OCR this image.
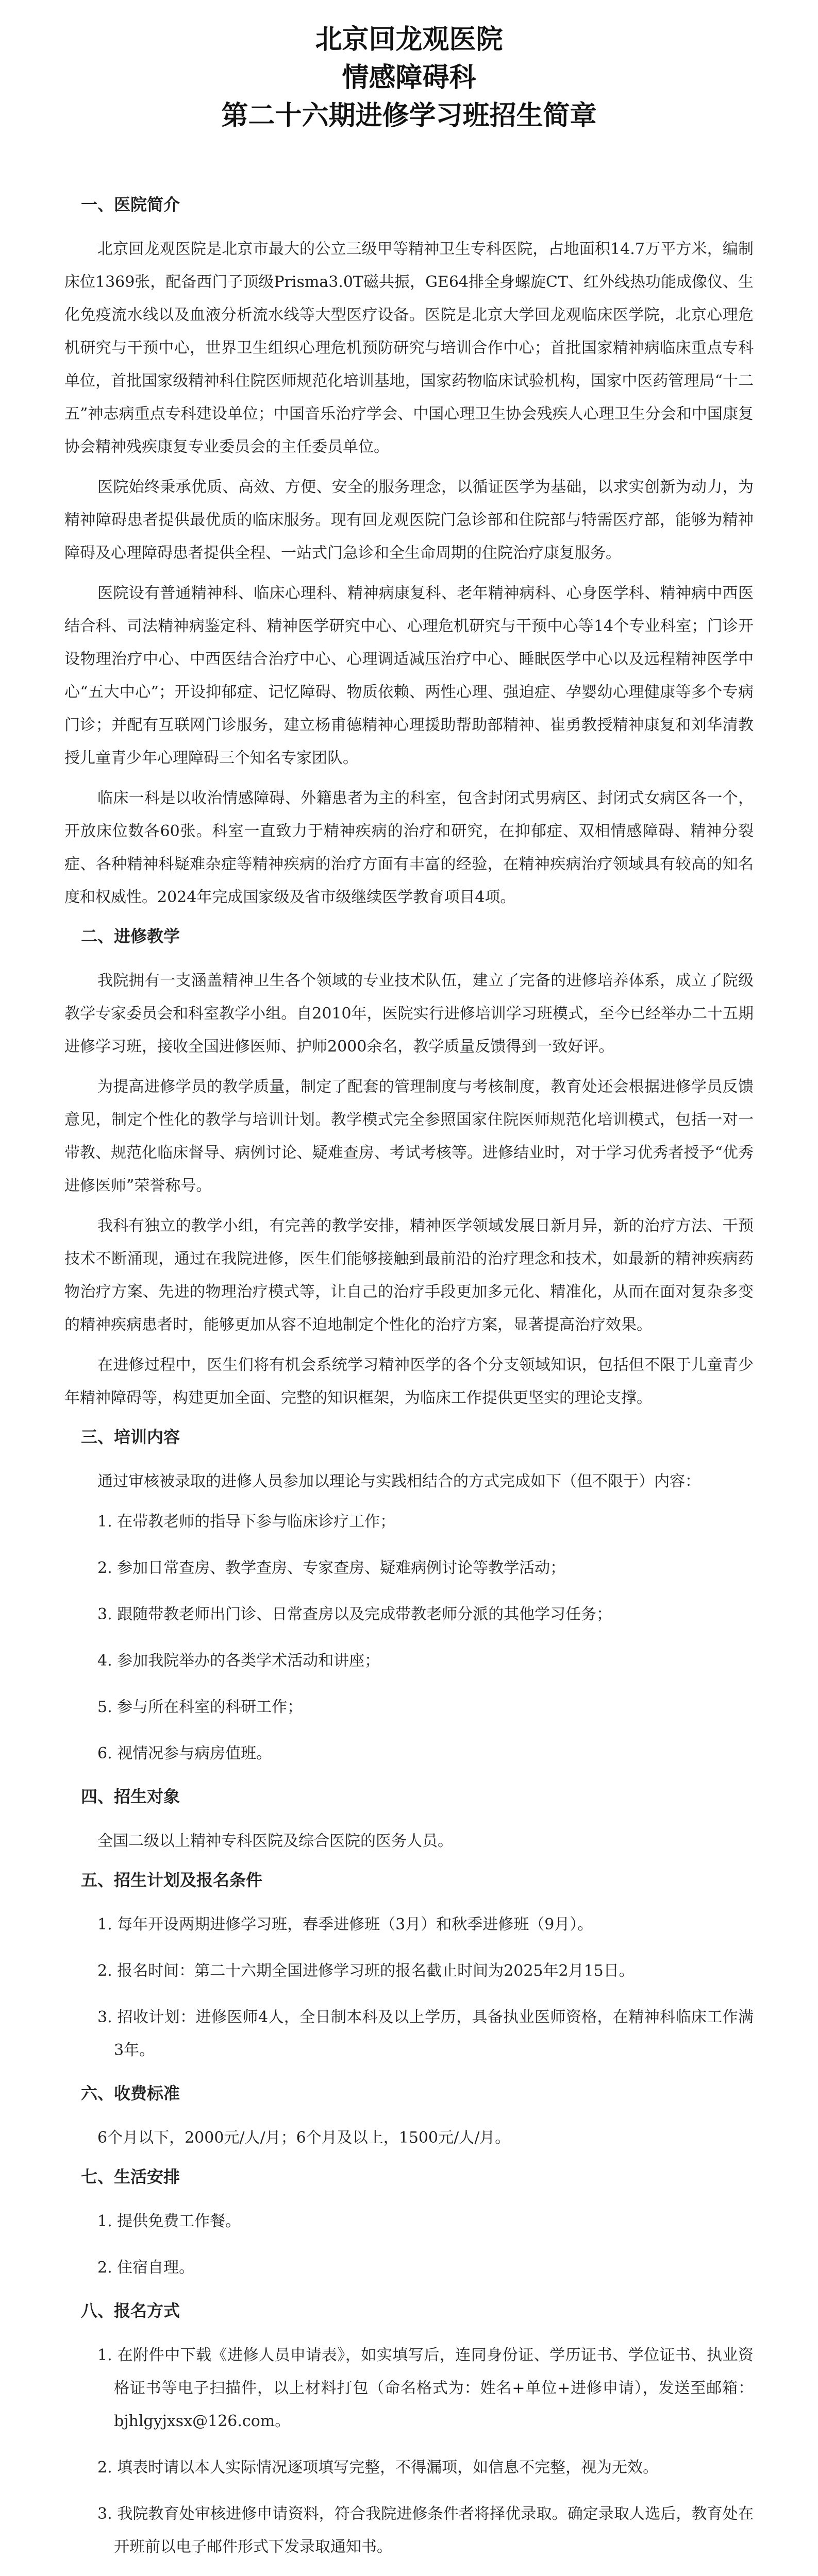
北京回龙观医院
情感障碍科
第二十六期进修学习班招生简章
一、医院简介

北京回龙观医院是北京市最大的公立三级甲等精神卫生专科医院，占地面积14.7万平方米，编制床位1369张，配备西门子顶级Prisma3.0T磁共振，GE64排全身螺旋CT、红外线热功能成像仪、生化免疫流水线以及血液分析流水线等大型医疗设备。医院是北京大学回龙观临床医学院，北京心理危机研究与干预中心，世界卫生组织心理危机预防研究与培训合作中心；首批国家精神病临床重点专科单位，首批国家级精神科住院医师规范化培训基地，国家药物临床试验机构，国家中医药管理局“十二五”神志病重点专科建设单位；中国音乐治疗学会、中国心理卫生协会残疾人心理卫生分会和中国康复协会精神残疾康复专业委员会的主任委员单位。

医院始终秉承优质、高效、方便、安全的服务理念，以循证医学为基础，以求实创新为动力，为精神障碍患者提供最优质的临床服务。现有回龙观医院门急诊部和住院部与特需医疗部，能够为精神障碍及心理障碍患者提供全程、一站式门急诊和全生命周期的住院治疗康复服务。

医院设有普通精神科、临床心理科、精神病康复科、老年精神病科、心身医学科、精神病中西医结合科、司法精神病鉴定科、精神医学研究中心、心理危机研究与干预中心等14个专业科室；门诊开设物理治疗中心、中西医结合治疗中心、心理调适减压治疗中心、睡眠医学中心以及远程精神医学中心“五大中心”；开设抑郁症、记忆障碍、物质依赖、两性心理、强迫症、孕婴幼心理健康等多个专病门诊；并配有互联网门诊服务，建立杨甫德精神心理援助帮助部精神、崔勇教授精神康复和刘华清教授儿童青少年心理障碍三个知名专家团队。

临床一科是以收治情感障碍、外籍患者为主的科室，包含封闭式男病区、封闭式女病区各一个，开放床位数各60张。科室一直致力于精神疾病的治疗和研究，在抑郁症、双相情感障碍、精神分裂症、各种精神科疑难杂症等精神疾病的治疗方面有丰富的经验，在精神疾病治疗领域具有较高的知名度和权威性。2024年完成国家级及省市级继续医学教育项目4项。

二、进修教学

我院拥有一支涵盖精神卫生各个领域的专业技术队伍，建立了完备的进修培养体系，成立了院级教学专家委员会和科室教学小组。自2010年，医院实行进修培训学习班模式，至今已经举办二十五期进修学习班，接收全国进修医师、护师2000余名，教学质量反馈得到一致好评。

为提高进修学员的教学质量，制定了配套的管理制度与考核制度，教育处还会根据进修学员反馈意见，制定个性化的教学与培训计划。教学模式完全参照国家住院医师规范化培训模式，包括一对一带教、规范化临床督导、病例讨论、疑难查房、考试考核等。进修结业时，对于学习优秀者授予“优秀进修医师”荣誉称号。

我科有独立的教学小组，有完善的教学安排，精神医学领域发展日新月异，新的治疗方法、干预技术不断涌现，通过在我院进修，医生们能够接触到最前沿的治疗理念和技术，如最新的精神疾病药物治疗方案、先进的物理治疗模式等，让自己的治疗手段更加多元化、精准化，从而在面对复杂多变的精神疾病患者时，能够更加从容不迫地制定个性化的治疗方案，显著提高治疗效果。

在进修过程中，医生们将有机会系统学习精神医学的各个分支领域知识，包括但不限于儿童青少年精神障碍等，构建更加全面、完整的知识框架，为临床工作提供更坚实的理论支撑。

三、培训内容

通过审核被录取的进修人员参加以理论与实践相结合的方式完成如下（但不限于）内容：

1. 在带教老师的指导下参与临床诊疗工作；
2. 参加日常查房、教学查房、专家查房、疑难病例讨论等教学活动；
3. 跟随带教老师出门诊、日常查房以及完成带教老师分派的其他学习任务；
4. 参加我院举办的各类学术活动和讲座；
5. 参与所在科室的科研工作；
6. 视情况参与病房值班。
四、招生对象

全国二级以上精神专科医院及综合医院的医务人员。

五、招生计划及报名条件
1. 每年开设两期进修学习班，春季进修班（3月）和秋季进修班（9月）。
2. 报名时间：第二十六期全国进修学习班的报名截止时间为2025年2月15日。
3. 招收计划：进修医师4人，全日制本科及以上学历，具备执业医师资格，在精神科临床工作满3年。
六、收费标准

6个月以下，2000元/人/月；6个月及以上，1500元/人/月。

七、生活安排
1. 提供免费工作餐。
2. 住宿自理。
八、报名方式
1. 在附件中下载《进修人员申请表》，如实填写后，连同身份证、学历证书、学位证书、执业资格证书等电子扫描件，以上材料打包（命名格式为：姓名+单位+进修申请），发送至邮箱：bjhlgyjxsx@126.com。
2. 填表时请以本人实际情况逐项填写完整，不得漏项，如信息不完整，视为无效。
3. 我院教育处审核进修申请资料，符合我院进修条件者将择优录取。确定录取人选后，教育处在开班前以电子邮件形式下发录取通知书。
